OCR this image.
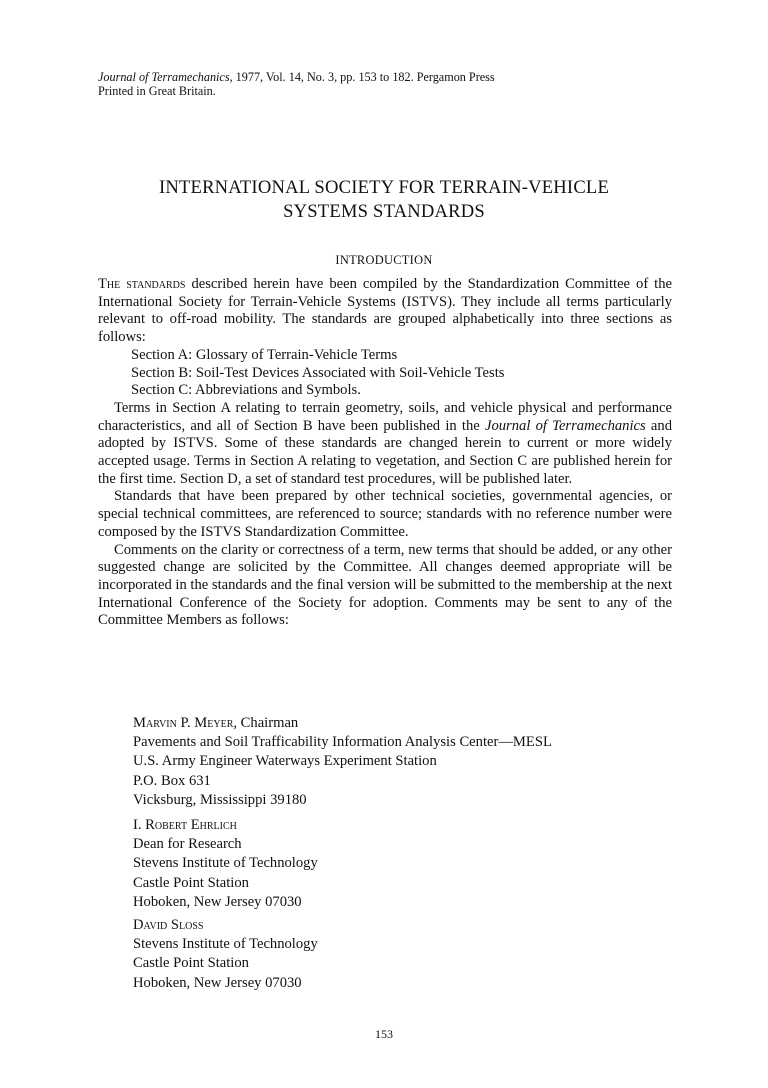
Journal of Terramechanics, 1977, Vol. 14, No. 3, pp. 153 to 182. Pergamon Press
Printed in Great Britain.
INTERNATIONAL SOCIETY FOR TERRAIN-VEHICLE
SYSTEMS STANDARDS
INTRODUCTION

The standards described herein have been compiled by the Standardization Committee of the International Society for Terrain-Vehicle Systems (ISTVS). They include all terms particularly relevant to off-road mobility. The standards are grouped alphabetically into three sections as follows:

Section A: Glossary of Terrain-Vehicle Terms
Section B: Soil-Test Devices Associated with Soil-Vehicle Tests
Section C: Abbreviations and Symbols.

Terms in Section A relating to terrain geometry, soils, and vehicle physical and performance characteristics, and all of Section B have been published in the Journal of Terramechanics and adopted by ISTVS. Some of these standards are changed herein to current or more widely accepted usage. Terms in Section A relating to vegetation, and Section C are published herein for the first time. Section D, a set of standard test procedures, will be published later.

Standards that have been prepared by other technical societies, governmental agencies, or special technical committees, are referenced to source; standards with no reference number were composed by the ISTVS Standardization Committee.

Comments on the clarity or correctness of a term, new terms that should be added, or any other suggested change are solicited by the Committee. All changes deemed appropriate will be incorporated in the standards and the final version will be submitted to the membership at the next International Conference of the Society for adoption. Comments may be sent to any of the Committee Members as follows:

Marvin P. Meyer, Chairman
Pavements and Soil Trafficability Information Analysis Center—MESL
U.S. Army Engineer Waterways Experiment Station
P.O. Box 631
Vicksburg, Mississippi 39180
I. Robert Ehrlich
Dean for Research
Stevens Institute of Technology
Castle Point Station
Hoboken, New Jersey 07030
David Sloss
Stevens Institute of Technology
Castle Point Station
Hoboken, New Jersey 07030
153
